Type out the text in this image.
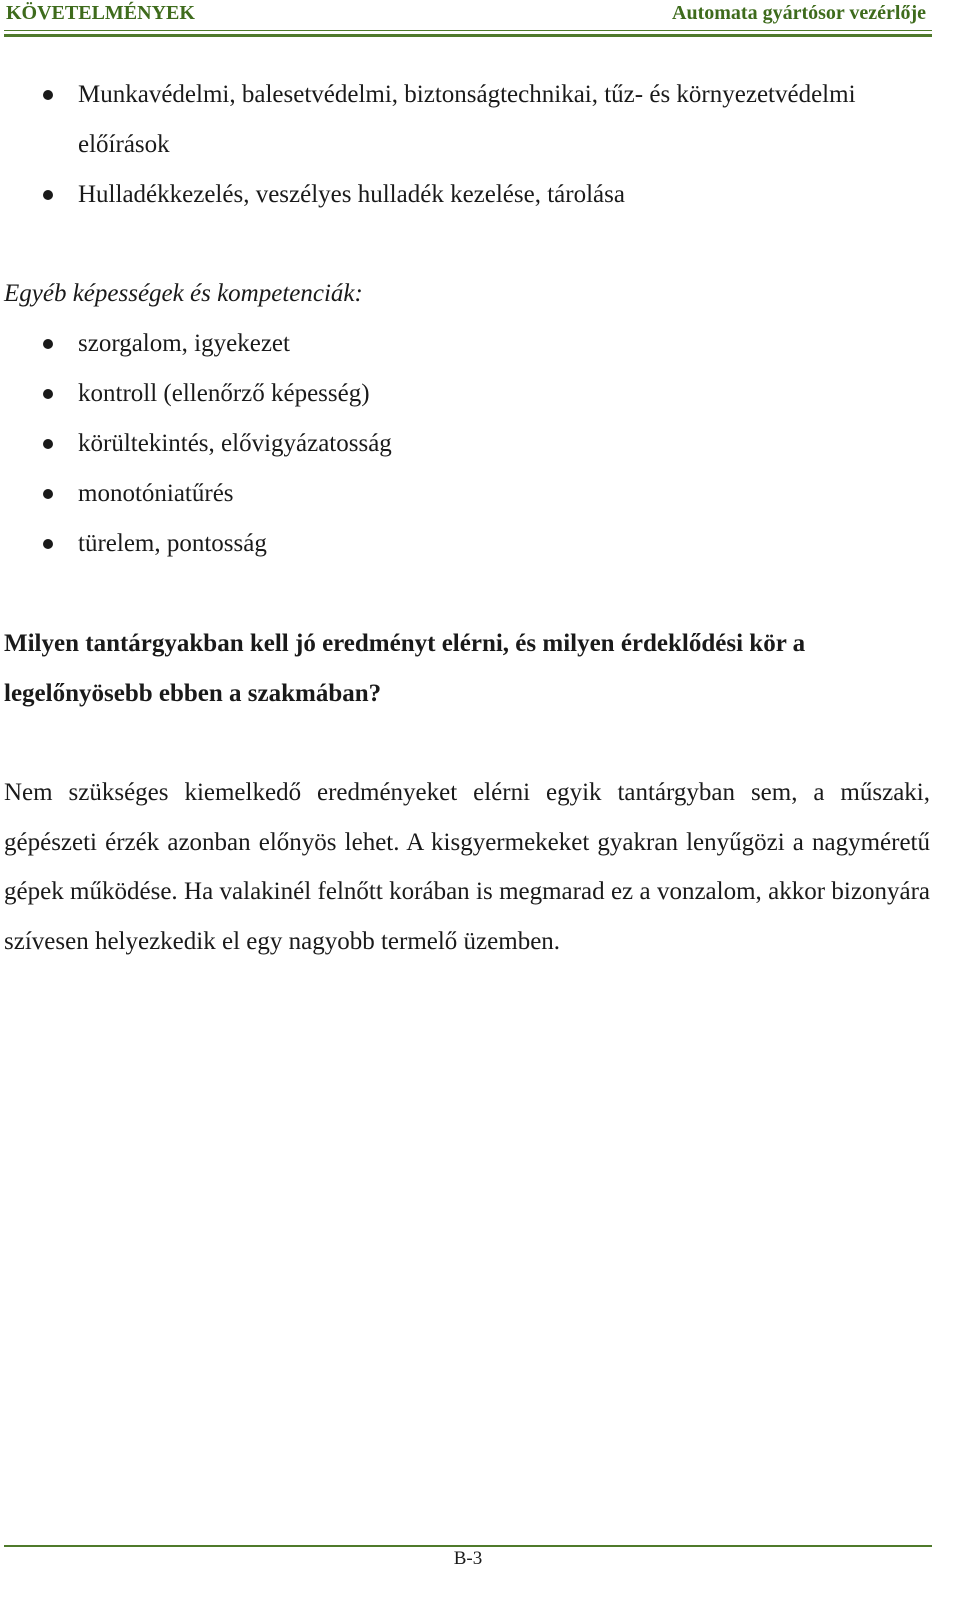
KÖVETELMÉNYEK	Automata gyártósor vezérlője
Munkavédelmi, balesetvédelmi, biztonságtechnikai, tűz- és környezetvédelmi előírások
Hulladékkezelés, veszélyes hulladék kezelése, tárolása

Egyéb képességek és kompetenciák:

szorgalom, igyekezet
kontroll (ellenőrző képesség)
körültekintés, elővigyázatosság
monotóniatűrés
türelem, pontosság

Milyen tantárgyakban kell jó eredményt elérni, és milyen érdeklődési kör a legelőnyösebb ebben a szakmában?

Nem szükséges kiemelkedő eredményeket elérni egyik tantárgyban sem, a műszaki, gépészeti érzék azonban előnyös lehet. A kisgyermekeket gyakran lenyűgözi a nagyméretű gépek működése. Ha valakinél felnőtt korában is megmarad ez a vonzalom, akkor bizonyára szívesen helyezkedik el egy nagyobb termelő üzemben.

B-3
